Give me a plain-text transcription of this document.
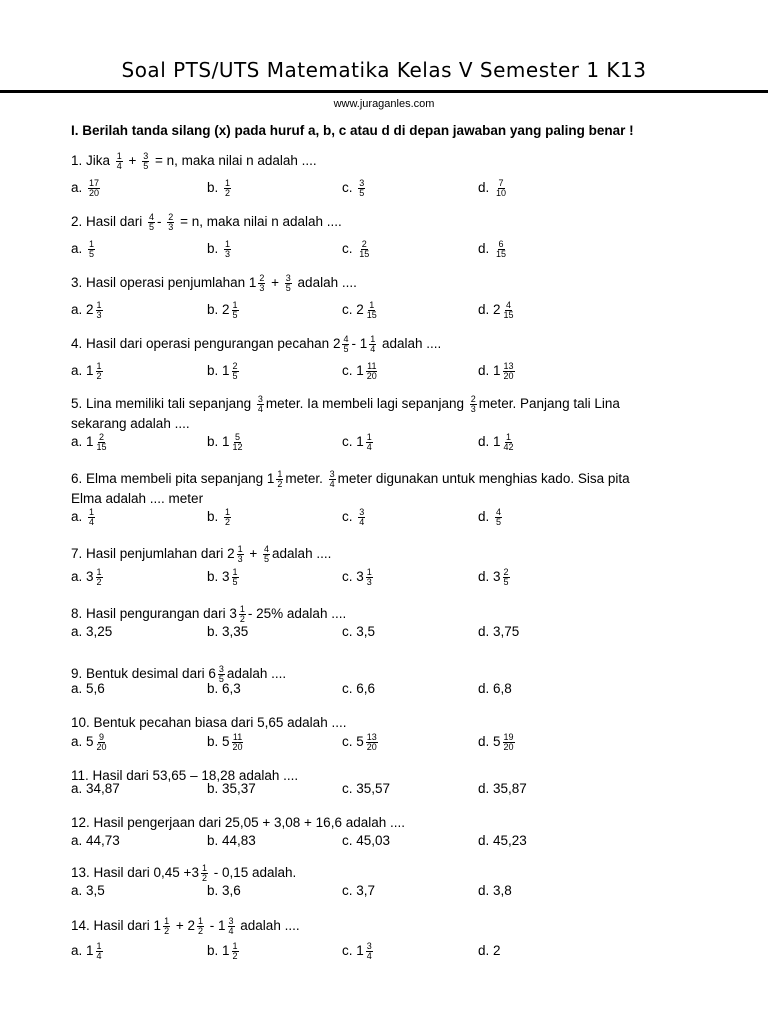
Soal PTS/UTS Matematika Kelas V Semester 1 K13
www.juraganles.com
I. Berilah tanda silang (x) pada huruf a, b, c atau d di depan jawaban yang paling benar !
1. Jika $\frac{1}{4} + \frac{3}{5} = n$, maka nilai n adalah ....
a. $\frac{17}{20}$	b. $\frac{1}{2}$	c. $\frac{3}{5}$	d. $\frac{7}{10}$
2. Hasil dari $\frac{4}{5} - \frac{2}{3} = n$, maka nilai n adalah ....
a. $\frac{1}{5}$	b. $\frac{1}{3}$	c. $\frac{2}{15}$	d. $\frac{6}{15}$
3. Hasil operasi penjumlahan $1 \frac{2}{3} + \frac{3}{5}$ adalah ....
a. $2 \frac{1}{3}$	b. $2 \frac{1}{5}$	c. $2 \frac{1}{15}$	d. $2 \frac{4}{15}$
4. Hasil dari operasi pengurangan pecahan $2 \frac{4}{5} - 1 \frac{1}{4}$ adalah ....
a. $1 \frac{1}{2}$	b. $1 \frac{2}{5}$	c. $1 \frac{11}{20}$	d. $1 \frac{13}{20}$
5. Lina memiliki tali sepanjang $\frac{3}{4}$ meter. Ia membeli lagi sepanjang $\frac{2}{3}$ meter. Panjang tali Lina
sekarang adalah ....
a. $1 \frac{2}{15}$	b. $1 \frac{5}{12}$	c. $1 \frac{1}{4}$	d. $1 \frac{1}{42}$
6. Elma membeli pita sepanjang $1 \frac{1}{2}$ meter. $\frac{3}{4}$ meter digunakan untuk menghias kado. Sisa pita
Elma adalah .... meter
a. $\frac{1}{4}$	b. $\frac{1}{2}$	c. $\frac{3}{4}$	d. $\frac{4}{5}$
7. Hasil penjumlahan dari $2 \frac{1}{3} + \frac{4}{5}$ adalah ....
a. $3 \frac{1}{2}$	b. $3 \frac{1}{5}$	c. $3 \frac{1}{3}$	d. $3 \frac{2}{5}$
8. Hasil pengurangan dari $3 \frac{1}{2} - 25\%$ adalah ....
a. 3,25	b. 3,35	c. 3,5	d. 3,75
9. Bentuk desimal dari $6 \frac{3}{5}$ adalah ....
a. 5,6	b. 6,3	c. 6,6	d. 6,8
10. Bentuk pecahan biasa dari 5,65 adalah ....
a. $5 \frac{9}{20}$	b. $5 \frac{11}{20}$	c. $5 \frac{13}{20}$	d. $5 \frac{19}{20}$
11. Hasil dari 53,65 – 18,28 adalah ....
a. 34,87	b. 35,37	c. 35,57	d. 35,87
12. Hasil pengerjaan dari 25,05 + 3,08 + 16,6 adalah ....
a. 44,73	b. 44,83	c. 45,03	d. 45,23
13. Hasil dari $0,45 + 3 \frac{1}{2} - 0,15$ adalah.
a. 3,5	b. 3,6	c. 3,7	d. 3,8
14. Hasil dari $1 \frac{1}{2} + 2 \frac{1}{2} - 1 \frac{3}{4}$ adalah ....
a. $1 \frac{1}{4}$	b. $1 \frac{1}{2}$	c. $1 \frac{3}{4}$	d. 2
